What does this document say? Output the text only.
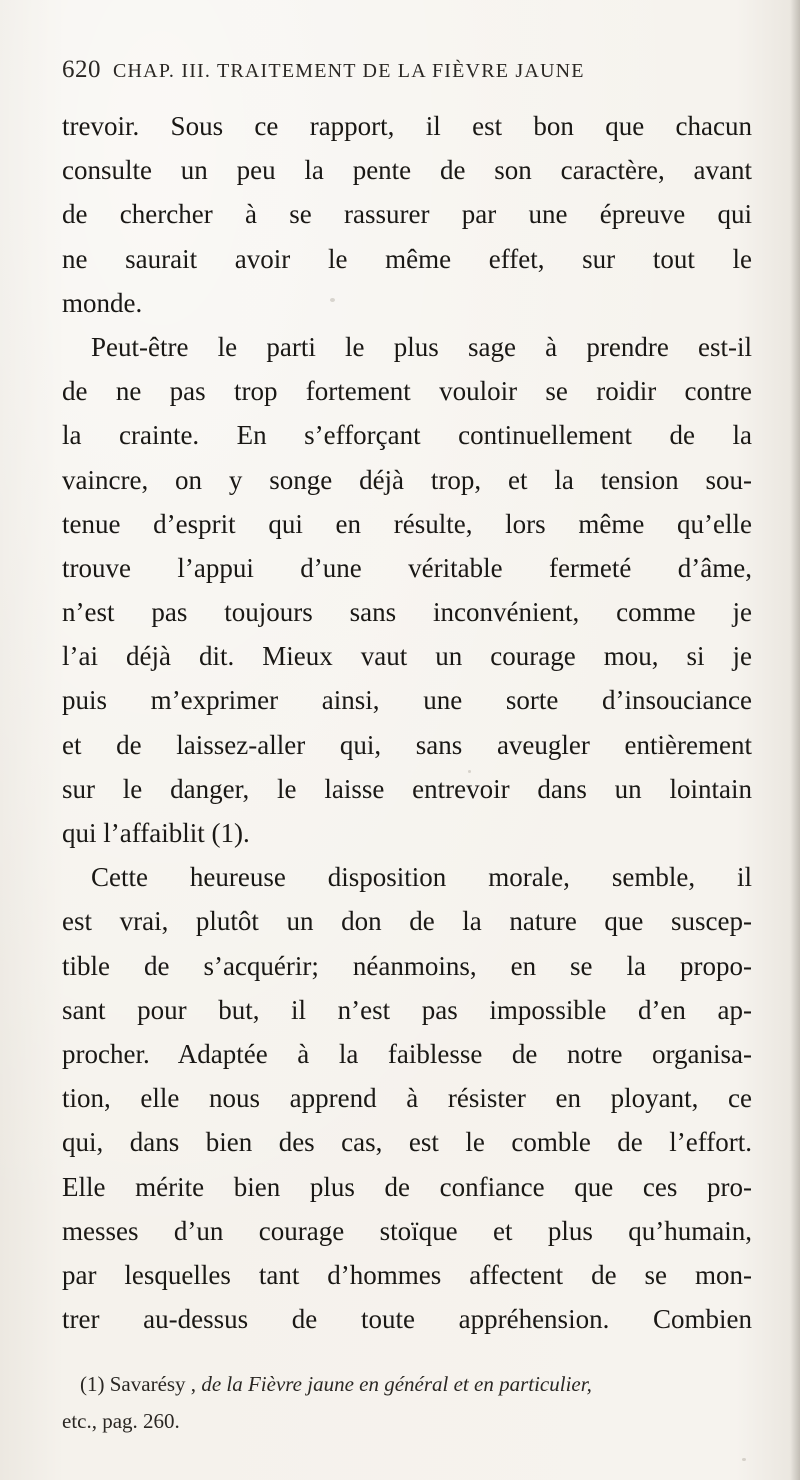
620 CHAP. III. TRAITEMENT DE LA FIÈVRE JAUNE
trevoir. Sous ce rapport, il est bon que chacun
consulte un peu la pente de son caractère, avant
de chercher à se rassurer par une épreuve qui
ne saurait avoir le même effet, sur tout le
monde.
Peut-être le parti le plus sage à prendre est-il
de ne pas trop fortement vouloir se roidir contre
la crainte. En s’efforçant continuellement de la
vaincre, on y songe déjà trop, et la tension sou-
tenue d’esprit qui en résulte, lors même qu’elle
trouve l’appui d’une véritable fermeté d’âme,
n’est pas toujours sans inconvénient, comme je
l’ai déjà dit. Mieux vaut un courage mou, si je
puis m’exprimer ainsi, une sorte d’insouciance
et de laissez-aller qui, sans aveugler entièrement
sur le danger, le laisse entrevoir dans un lointain
qui l’affaiblit (1).
Cette heureuse disposition morale, semble, il
est vrai, plutôt un don de la nature que suscep-
tible de s’acquérir; néanmoins, en se la propo-
sant pour but, il n’est pas impossible d’en ap-
procher. Adaptée à la faiblesse de notre organisa-
tion, elle nous apprend à résister en ployant, ce
qui, dans bien des cas, est le comble de l’effort.
Elle mérite bien plus de confiance que ces pro-
messes d’un courage stoïque et plus qu’humain,
par lesquelles tant d’hommes affectent de se mon-
trer au-dessus de toute appréhension. Combien
(1) Savarésy , de la Fièvre jaune en général et en particulier,
etc., pag. 260.
